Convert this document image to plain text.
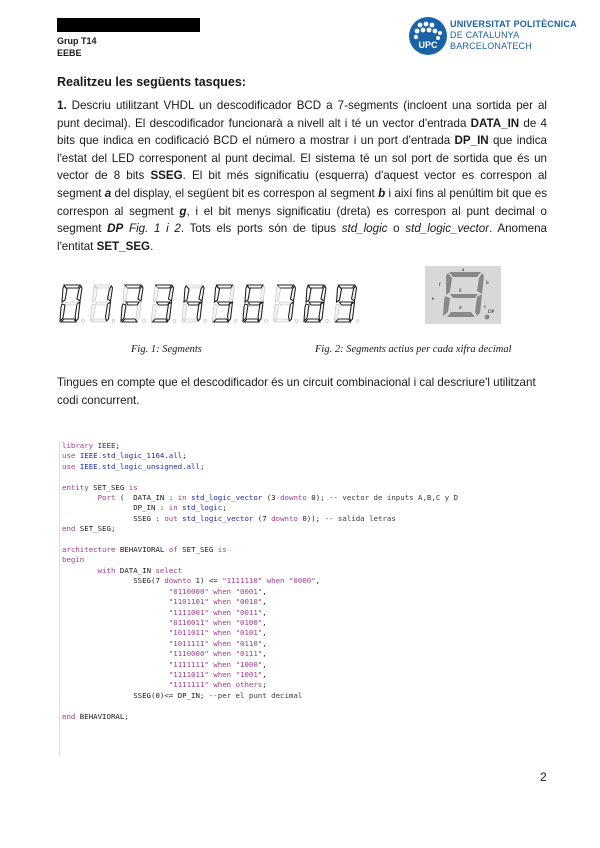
Grup T14
EEBE
UPC
UNIVERSITAT POLITÈCNICA
DE CATALUNYA
BARCELONATECH
Realitzeu les següents tasques:
1. Descriu utilitzant VHDL un descodificador BCD a 7-segments (incloent una sortida per al punt decimal). El descodificador funcionarà a nivell alt i té un vector d'entrada DATA_IN de 4 bits que indica en codificació BCD el número a mostrar i un port d'entrada DP_IN que indica l'estat del LED corresponent al punt decimal. El sistema té un sol port de sortida que és un vector de 8 bits SSEG. El bit més significatiu (esquerra) d'aquest vector es correspon al segment a del display, el següent bit es correspon al segment b i així fins al penúltim bit que es correspon al segment g, i el bit menys significatiu (dreta) es correspon al punt decimal o segment DP Fig. 1 i 2. Tots els ports són de tipus std_logic o std_logic_vector. Anomena l'entitat SET_SEG.
a
b
c
d
e
f
g
DP
Fig. 1: Segments	Fig. 2: Segments actius per cada xifra decimal
Tingues en compte que el descodificador és un circuit combinacional i cal descriure'l utilitzant codi concurrent.
library IEEE;
use IEEE.std_logic_1164.all;
use IEEE.std_logic_unsigned.all;

entity SET_SEG is
Port (  DATA_IN : in std_logic_vector (3 downto 0); -- vector de inputs A,B,C y D
DP_IN : in std_logic;
SSEG : out std_logic_vector (7 downto 0)); -- salida letras
end SET_SEG;

architecture BEHAVIORAL of SET_SEG is
begin
with DATA_IN select
SSEG(7 downto 1) <= "1111110" when "0000",
"0110000" when "0001",
"1101101" when "0010",
"1111001" when "0011",
"0110011" when "0100",
"1011011" when "0101",
"1011111" when "0110",
"1110000" when "0111",
"1111111" when "1000",
"1111011" when "1001",
"1111111" when others;
SSEG(0)<= DP_IN; --per el punt decimal

end BEHAVIORAL;
2
